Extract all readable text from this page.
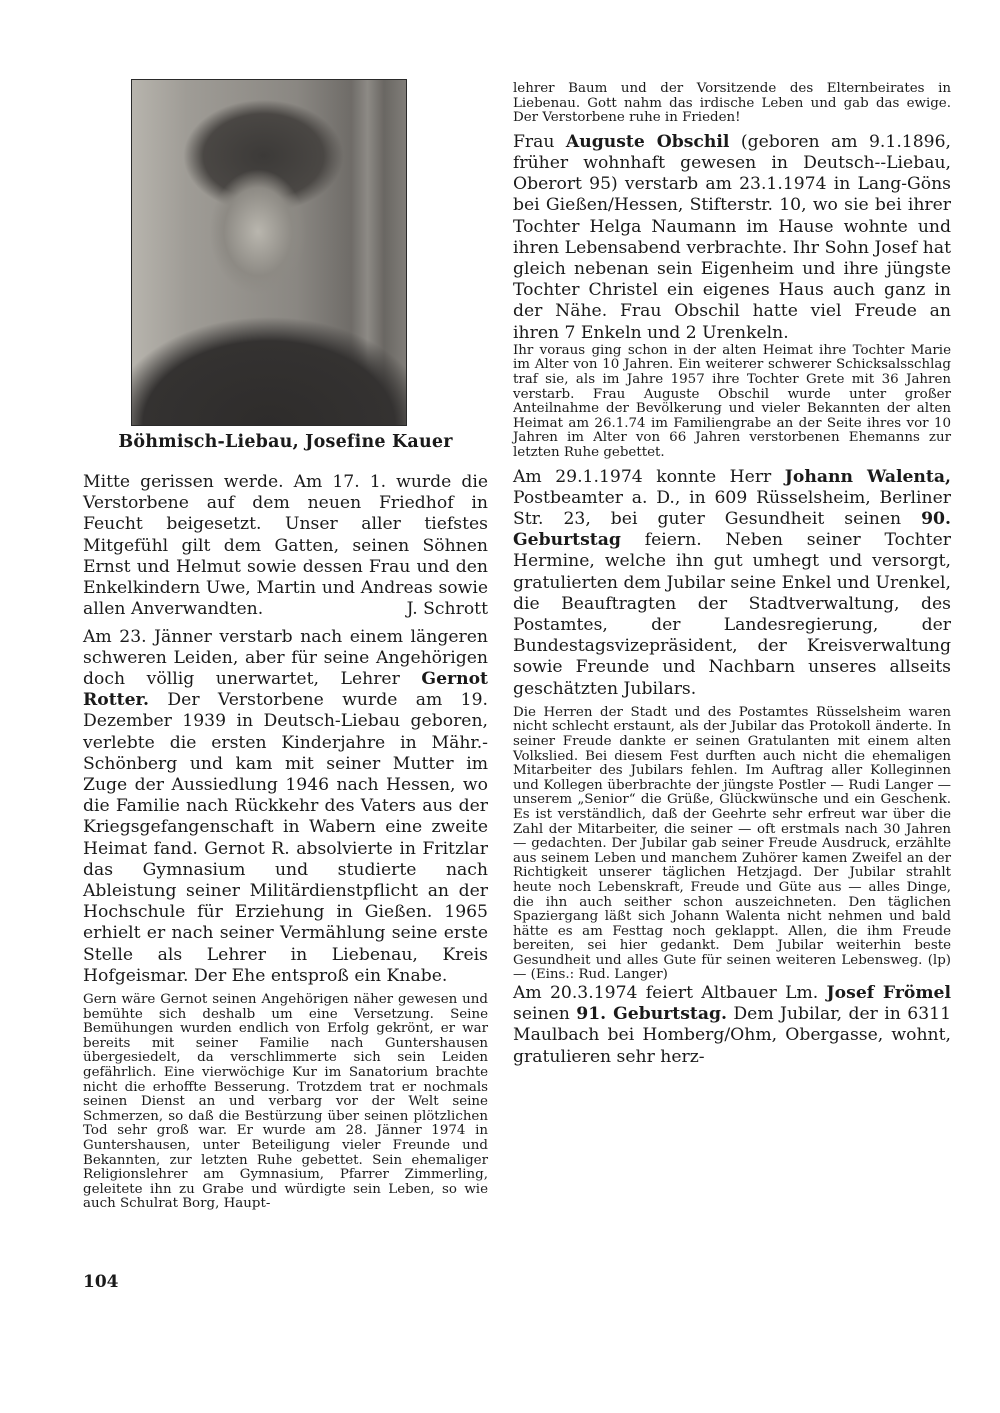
Böhmisch-Liebau, Josefine Kauer

Mitte gerissen werde. Am 17. 1. wurde die Verstorbene auf dem neuen Friedhof in Feucht beigesetzt. Unser aller tiefstes Mitgefühl gilt dem Gatten, seinen Söhnen Ernst und Helmut sowie dessen Frau und den Enkelkindern Uwe, Martin und Andreas sowie allen Anverwandten.	J. Schrott

Am 23. Jänner verstarb nach einem längeren schweren Leiden, aber für seine Angehörigen doch völlig unerwartet, Lehrer Gernot Rotter. Der Verstorbene wurde am 19. Dezember 1939 in Deutsch-Liebau geboren, verlebte die ersten Kinderjahre in Mähr.-Schönberg und kam mit seiner Mutter im Zuge der Aussiedlung 1946 nach Hessen, wo die Familie nach Rückkehr des Vaters aus der Kriegsgefangenschaft in Wabern eine zweite Heimat fand. Gernot R. absolvierte in Fritzlar das Gymnasium und studierte nach Ableistung seiner Militärdienstpflicht an der Hochschule für Erziehung in Gießen. 1965 erhielt er nach seiner Vermählung seine erste Stelle als Lehrer in Liebenau, Kreis Hofgeismar. Der Ehe entsproß ein Knabe.

Gern wäre Gernot seinen Angehörigen näher gewesen und bemühte sich deshalb um eine Versetzung. Seine Bemühungen wurden endlich von Erfolg gekrönt, er war bereits mit seiner Familie nach Guntershausen übergesiedelt, da verschlimmerte sich sein Leiden gefährlich. Eine vierwöchige Kur im Sanatorium brachte nicht die erhoffte Besserung. Trotzdem trat er nochmals seinen Dienst an und verbarg vor der Welt seine Schmerzen, so daß die Bestürzung über seinen plötzlichen Tod sehr groß war. Er wurde am 28. Jänner 1974 in Guntershausen, unter Beteiligung vieler Freunde und Bekannten, zur letzten Ruhe gebettet. Sein ehemaliger Religionslehrer am Gymnasium, Pfarrer Zimmerling, geleitete ihn zu Grabe und würdigte sein Leben, so wie auch Schulrat Borg, Haupt-

lehrer Baum und der Vorsitzende des Elternbeirates in Liebenau. Gott nahm das irdische Leben und gab das ewige. Der Verstorbene ruhe in Frieden!

Frau Auguste Obschil (geboren am 9.1.1896, früher wohnhaft gewesen in Deutsch--Liebau, Oberort 95) verstarb am 23.1.1974 in Lang-Göns bei Gießen/Hessen, Stifterstr. 10, wo sie bei ihrer Tochter Helga Naumann im Hause wohnte und ihren Lebensabend verbrachte. Ihr Sohn Josef hat gleich nebenan sein Eigenheim und ihre jüngste Tochter Christel ein eigenes Haus auch ganz in der Nähe. Frau Obschil hatte viel Freude an ihren 7 Enkeln und 2 Urenkeln.

Ihr voraus ging schon in der alten Heimat ihre Tochter Marie im Alter von 10 Jahren. Ein weiterer schwerer Schicksalsschlag traf sie, als im Jahre 1957 ihre Tochter Grete mit 36 Jahren verstarb. Frau Auguste Obschil wurde unter großer Anteilnahme der Bevölkerung und vieler Bekannten der alten Heimat am 26.1.74 im Familiengrabe an der Seite ihres vor 10 Jahren im Alter von 66 Jahren verstorbenen Ehemanns zur letzten Ruhe gebettet.

Am 29.1.1974 konnte Herr Johann Walenta, Postbeamter a. D., in 609 Rüsselsheim, Berliner Str. 23, bei guter Gesundheit seinen 90. Geburtstag feiern. Neben seiner Tochter Hermine, welche ihn gut umhegt und versorgt, gratulierten dem Jubilar seine Enkel und Urenkel, die Beauftragten der Stadtverwaltung, des Postamtes, der Landesregierung, der Bundestagsvizepräsident, der Kreisverwaltung sowie Freunde und Nachbarn unseres allseits geschätzten Jubilars.

Die Herren der Stadt und des Postamtes Rüsselsheim waren nicht schlecht erstaunt, als der Jubilar das Protokoll änderte. In seiner Freude dankte er seinen Gratulanten mit einem alten Volkslied. Bei diesem Fest durften auch nicht die ehemaligen Mitarbeiter des Jubilars fehlen. Im Auftrag aller Kolleginnen und Kollegen überbrachte der jüngste Postler — Rudi Langer — unserem „Senior“ die Grüße, Glückwünsche und ein Geschenk. Es ist verständlich, daß der Geehrte sehr erfreut war über die Zahl der Mitarbeiter, die seiner — oft erstmals nach 30 Jahren — gedachten. Der Jubilar gab seiner Freude Ausdruck, erzählte aus seinem Leben und manchem Zuhörer kamen Zweifel an der Richtigkeit unserer täglichen Hetzjagd. Der Jubilar strahlt heute noch Lebenskraft, Freude und Güte aus — alles Dinge, die ihn auch seither schon auszeichneten. Den täglichen Spaziergang läßt sich Johann Walenta nicht nehmen und bald hätte es am Festtag noch geklappt. Allen, die ihm Freude bereiten, sei hier gedankt. Dem Jubilar weiterhin beste Gesundheit und alles Gute für seinen weiteren Lebensweg. (lp) — (Eins.: Rud. Langer)

Am 20.3.1974 feiert Altbauer Lm. Josef Frömel seinen 91. Geburtstag. Dem Jubilar, der in 6311 Maulbach bei Homberg/Ohm, Obergasse, wohnt, gratulieren sehr herz-

104
